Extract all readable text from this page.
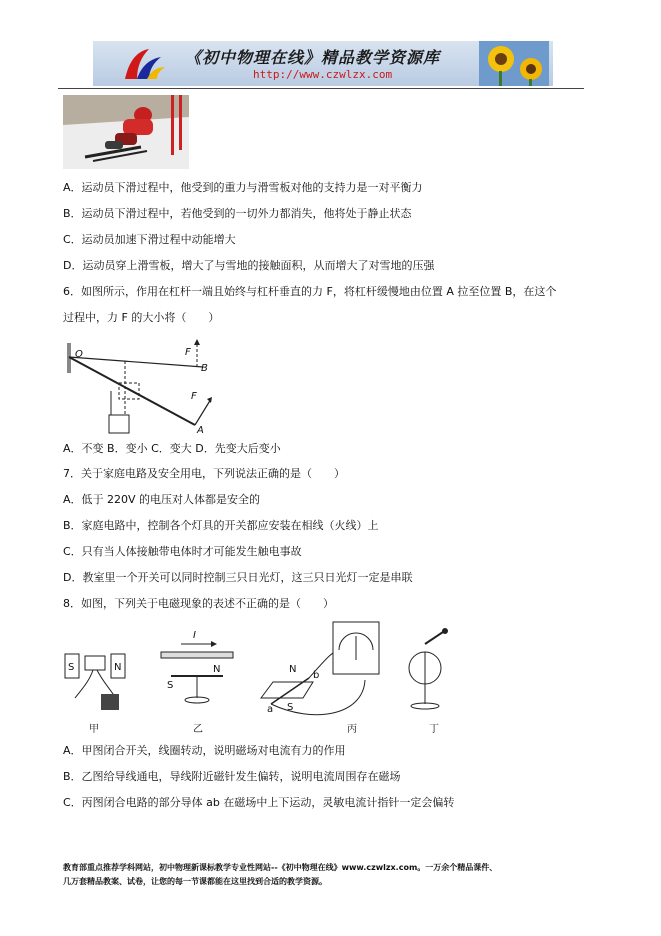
《初中物理在线》精品教学资源库
http://www.czwlzx.com
A．运动员下滑过程中，他受到的重力与滑雪板对他的支持力是一对平衡力
B．运动员下滑过程中，若他受到的一切外力都消失，他将处于静止状态
C．运动员加速下滑过程中动能增大
D．运动员穿上滑雪板，增大了与雪地的接触面积，从而增大了对雪地的压强
6．如图所示，作用在杠杆一端且始终与杠杆垂直的力 F，将杠杆缓慢地由位置 A 拉至位置 B，在这个
过程中，力 F 的大小将（　　）
O
B
A
F
F
A．不变 B．变小 C．变大 D．先变大后变小
7．关于家庭电路及安全用电，下列说法正确的是（　　）
A．低于 220V 的电压对人体都是安全的
B．家庭电路中，控制各个灯具的开关都应安装在相线（火线）上
C．只有当人体接触带电体时才可能发生触电事故
D．教室里一个开关可以同时控制三只日光灯，这三只日光灯一定是串联
8．如图，下列关于电磁现象的表述不正确的是（　　）
S	N
甲
I
S
N
乙
N
S
a
b
丙	丁
A．甲图闭合开关，线圈转动，说明磁场对电流有力的作用
B．乙图给导线通电，导线附近磁针发生偏转，说明电流周围存在磁场
C．丙图闭合电路的部分导体 ab 在磁场中上下运动，灵敏电流计指针一定会偏转
教育部重点推荐学科网站，初中物理新课标教学专业性网站--《初中物理在线》www.czwlzx.com。一万余个精品课件、
几万套精品教案、试卷，让您的每一节课都能在这里找到合适的教学资源。
